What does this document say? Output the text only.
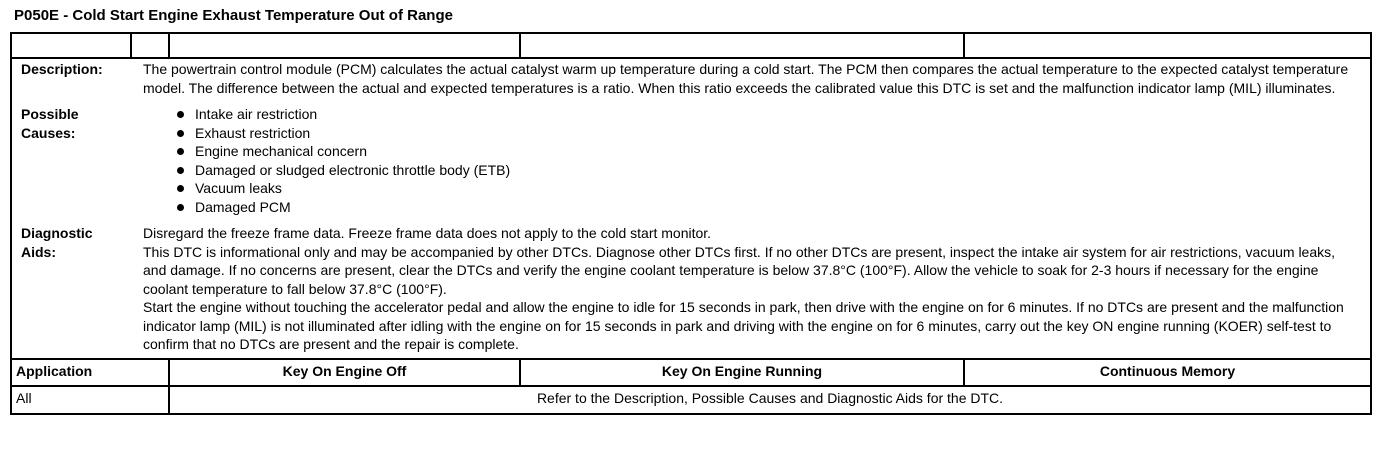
P050E - Cold Start Engine Exhaust Temperature Out of Range

Description:	The powertrain control module (PCM) calculates the actual catalyst warm up temperature during a cold start. The PCM then compares the actual temperature to the expected catalyst temperature model. The difference between the actual and expected temperatures is a ratio. When this ratio exceeds the calibrated value this DTC is set and the malfunction indicator lamp (MIL) illuminates.

Possible
Causes:

Intake air restriction
Exhaust restriction
Engine mechanical concern
Damaged or sludged electronic throttle body (ETB)
Vacuum leaks
Damaged PCM

Diagnostic
Aids:

Disregard the freeze frame data. Freeze frame data does not apply to the cold start monitor.
This DTC is informational only and may be accompanied by other DTCs. Diagnose other DTCs first. If no other DTCs are present, inspect the intake air system for air restrictions, vacuum leaks, and damage. If no concerns are present, clear the DTCs and verify the engine coolant temperature is below 37.8°C (100°F). Allow the vehicle to soak for 2-3 hours if necessary for the engine coolant temperature to fall below 37.8°C (100°F).
Start the engine without touching the accelerator pedal and allow the engine to idle for 15 seconds in park, then drive with the engine on for 6 minutes. If no DTCs are present and the malfunction indicator lamp (MIL) is not illuminated after idling with the engine on for 15 seconds in park and driving with the engine on for 6 minutes, carry out the key ON engine running (KOER) self-test to confirm that no DTCs are present and the repair is complete.

Application	Key On Engine Off	Key On Engine Running	Continuous Memory
All	Refer to the Description, Possible Causes and Diagnostic Aids for the DTC.
